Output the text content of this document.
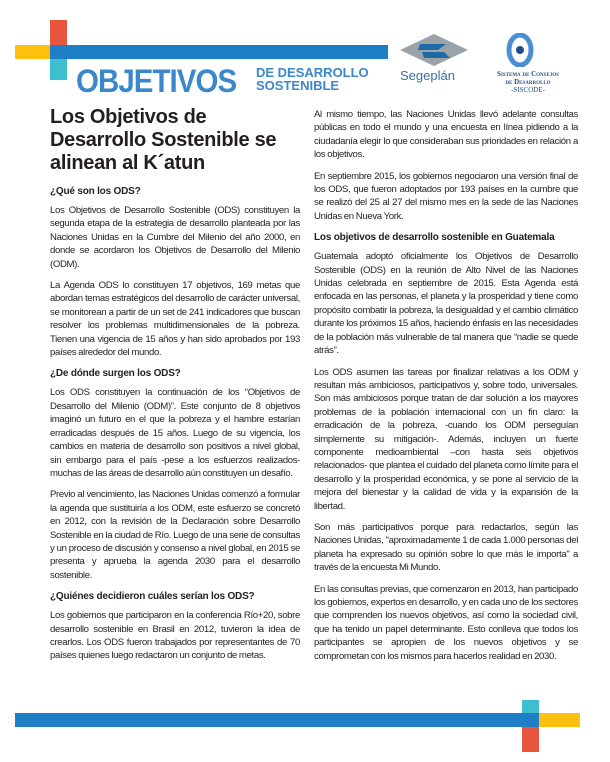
OBJETIVOS DE DESARROLLO
SOSTENIBLE
Segeplán	Sistema de Consejos
de Desarrollo
-SISCODE-
Los Objetivos de Desarrollo Sostenible se alinean al K´atun
¿Qué son los ODS?

Los Objetivos de Desarrollo Sostenible (ODS) constituyen la segunda etapa de la estrategia de desarrollo planteada por las Naciones Unidas en la Cumbre del Milenio del año 2000, en donde se acordaron los Objetivos de Desarrollo del Milenio (ODM).

La Agenda ODS lo constituyen 17 objetivos, 169 metas que abordan temas estratégicos del desarrollo de carácter universal, se monitorean a partir de un set de 241 indicadores que buscan resolver los problemas multidimensionales de la pobreza. Tienen una vigencia de 15 años y han sido aprobados por 193 países alrededor del mundo.

¿De dónde surgen los ODS?

Los ODS constituyen la continuación de los “Objetivos de Desarrollo del Milenio (ODM)”. Este conjunto de 8 objetivos imaginó un futuro en el que la pobreza y el hambre estarían erradicadas después de 15 años. Luego de su vigencia, los cambios en materia de desarrollo son positivos a nivel global, sin embargo para el país -pese a los esfuerzos realizados- muchas de las áreas de desarrollo aún constituyen un desafío.

Previo al vencimiento, las Naciones Unidas comenzó a formular la agenda que sustituiría a los ODM, este esfuerzo se concretó en 2012, con la revisión de la Declaración sobre Desarrollo Sostenible en la ciudad de Río. Luego de una serie de consultas y un proceso de discusión y consenso a nivel global, en 2015 se presenta y aprueba la agenda 2030 para el desarrollo sostenible.

¿Quiénes decidieron cuáles serían los ODS?

Los gobiernos que participaron en la conferencia Río+20, sobre desarrollo sostenible en Brasil en 2012, tuvieron la idea de crearlos. Los ODS fueron trabajados por representantes de 70 países quienes luego redactaron un conjunto de metas.

Al mismo tiempo, las Naciones Unidas llevó adelante consultas públicas en todo el mundo y una encuesta en línea pidiendo a la ciudadanía elegir lo que consideraban sus prioridades en relación a los objetivos.

En septiembre 2015, los gobiernos negociaron una versión final de los ODS, que fueron adoptados por 193 países en la cumbre que se realizó del 25 al 27 del mismo mes en la sede de las Naciones Unidas en Nueva York.

Los objetivos de desarrollo sostenible en Guatemala

Guatemala adoptó oficialmente los Objetivos de Desarrollo Sostenible (ODS) en la reunión de Alto Nivel de las Naciones Unidas celebrada en septiembre de 2015. Esta Agenda está enfocada en las personas, el planeta y la prosperidad y tiene como propósito combatir la pobreza, la desigualdad y el cambio climático durante los próximos 15 años, haciendo énfasis en las necesidades de la población más vulnerable de tal manera que “nadie se quede atrás”.

Los ODS asumen las tareas por finalizar relativas a los ODM y resultan más ambiciosos, participativos y, sobre todo, universales. Son más ambiciosos porque tratan de dar solución a los mayores problemas de la población internacional con un fin claro: la erradicación de la pobreza, -cuando los ODM perseguían simplemente su mitigación-. Además, incluyen un fuerte componente medioambiental –con hasta seis objetivos relacionados- que plantea el cuidado del planeta como límite para el desarrollo y la prosperidad económica, y se pone al servicio de la mejora del bienestar y la calidad de vida y la expansión de la libertad.

Son más participativos porque para redactarlos, según las Naciones Unidas, "aproximadamente 1 de cada 1.000 personas del planeta ha expresado su opinión sobre lo que más le importa" a través de la encuesta Mi Mundo.

En las consultas previas, que comenzaron en 2013, han participado los gobiernos, expertos en desarrollo, y en cada uno de los sectores que comprenden los nuevos objetivos, así como la sociedad civil, que ha tenido un papel determinante. Esto conlleva que todos los participantes se apropien de los nuevos objetivos y se comprometan con los mismos para hacerlos realidad en 2030.
